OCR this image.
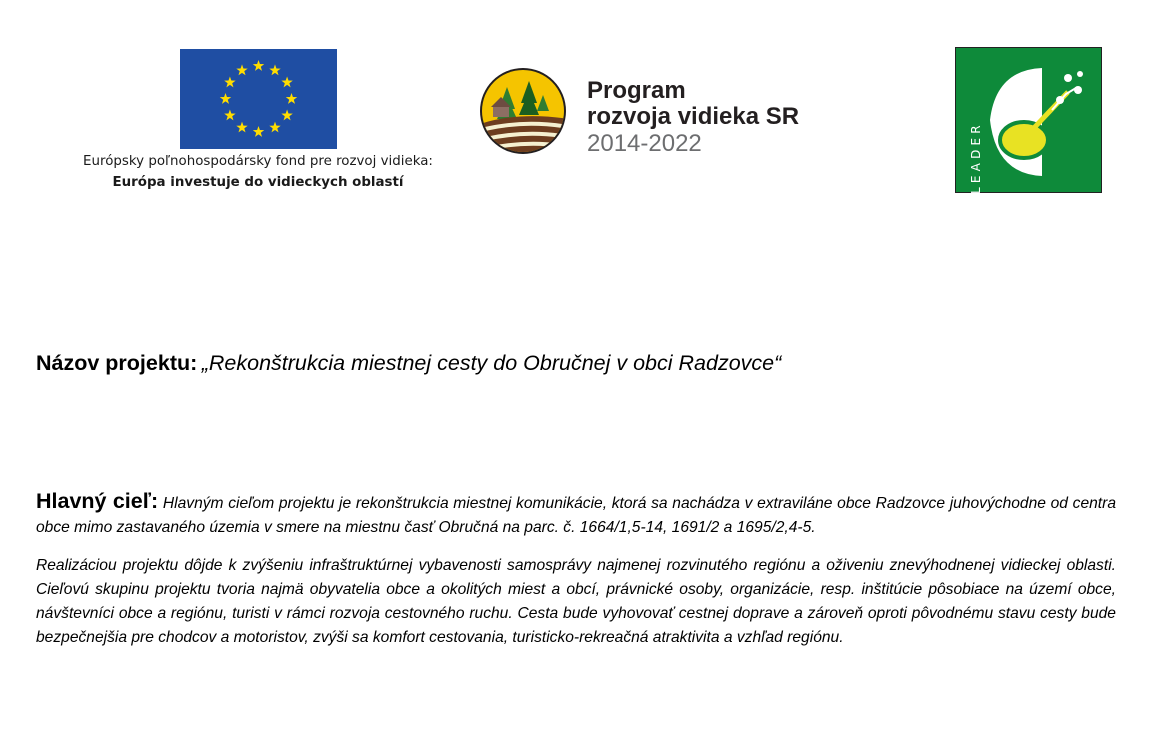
Európsky poľnohospodársky fond pre rozvoj vidieka:
Európa investuje do vidieckych oblastí
Program
rozvoja vidieka SR
2014-2022	LEADER
Názov projektu: „Rekonštrukcia miestnej cesty do Obručnej v obci Radzovce“

Hlavný cieľ: Hlavným cieľom projektu je rekonštrukcia miestnej komunikácie, ktorá sa nachádza v extraviláne obce Radzovce juhovýchodne od centra obce mimo zastavaného územia v smere na miestnu časť Obručná na parc. č. 1664/1,5-14, 1691/2 a 1695/2,4-5.

Realizáciou projektu dôjde k zvýšeniu infraštruktúrnej vybavenosti samosprávy najmenej rozvinutého regiónu a oživeniu znevýhodnenej vidieckej oblasti. Cieľovú skupinu projektu tvoria najmä obyvatelia obce a okolitých miest a obcí, právnické osoby, organizácie, resp. inštitúcie pôsobiace na území obce, návštevníci obce a regiónu, turisti v rámci rozvoja cestovného ruchu. Cesta bude vyhovovať cestnej doprave a zároveň oproti pôvodnému stavu cesty bude bezpečnejšia pre chodcov a motoristov, zvýši sa komfort cestovania, turisticko-rekreačná atraktivita a vzhľad regiónu.
